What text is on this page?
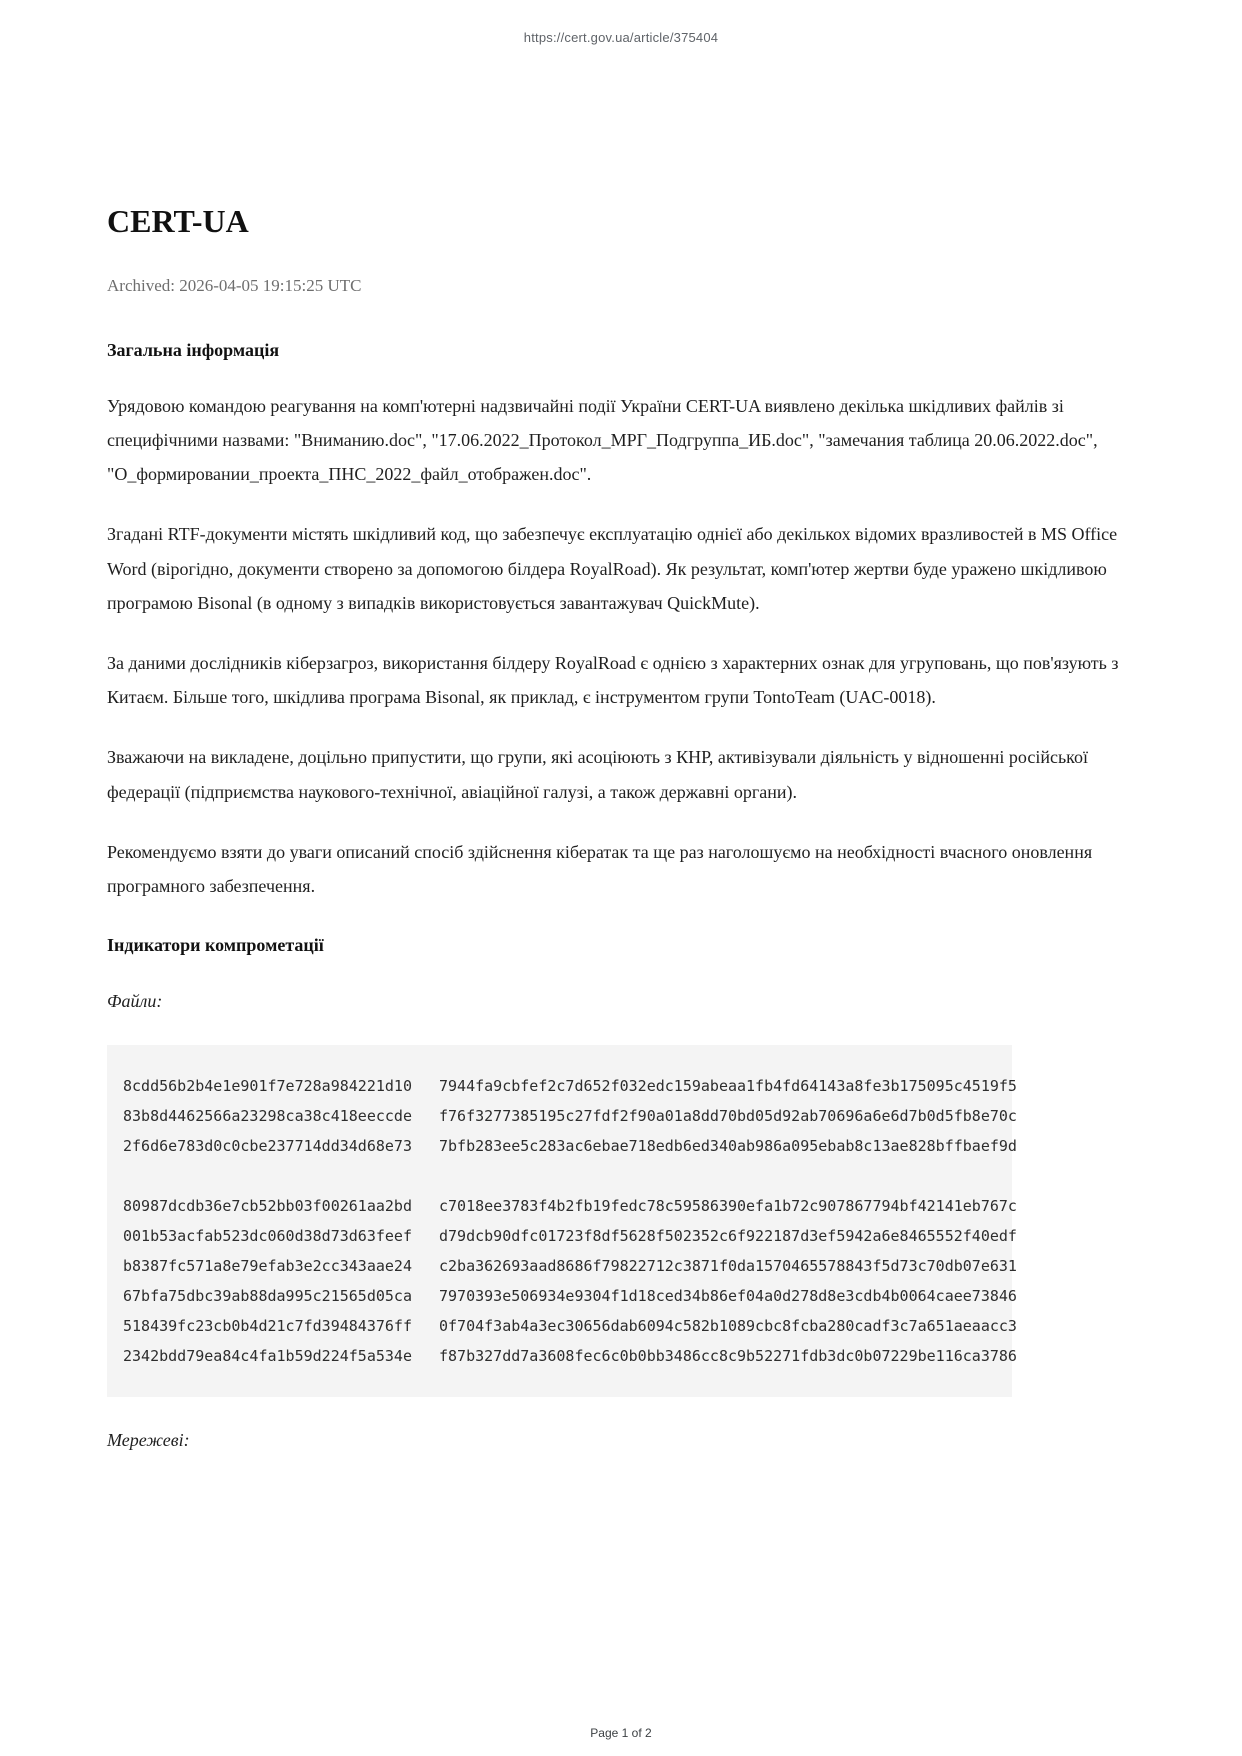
https://cert.gov.ua/article/375404
CERT-UA
Archived: 2026-04-05 19:15:25 UTC
Загальна інформація

Урядовою командою реагування на комп'ютерні надзвичайні події України CERT-UA виявлено декілька шкідливих файлів зі специфічними назвами: "Вниманию.doc", "17.06.2022_Протокол_МРГ_Подгруппа_ИБ.doc", "замечания таблица 20.06.2022.doc", "О_формировании_проекта_ПНС_2022_файл_отображен.doc".

Згадані RTF-документи містять шкідливий код, що забезпечує експлуатацію однієї або декількох відомих вразливостей в MS Office Word (вірогідно, документи створено за допомогою білдера RoyalRoad). Як результат, комп'ютер жертви буде уражено шкідливою програмою Bisonal (в одному з випадків використовується завантажувач QuickMute).

За даними дослідників кіберзагроз, використання білдеру RoyalRoad є однією з характерних ознак для угруповань, що пов'язують з Китаєм. Більше того, шкідлива програма Bisonal, як приклад, є інструментом групи TontoTeam (UAC-0018).

Зважаючи на викладене, доцільно припустити, що групи, які асоціюють з КНР, активізували діяльність у відношенні російської федерації (підприємства наукового-технічної, авіаційної галузі, а також державні органи).

Рекомендуємо взяти до уваги описаний спосіб здійснення кібератак та ще раз наголошуємо на необхідності вчасного оновлення програмного забезпечення.

Індикатори компрометації

Файли:

8cdd56b2b4e1e901f7e728a984221d10 7944fa9cbfef2c7d652f032edc159abeaa1fb4fd64143a8fe3b175095c4519f5
83b8d4462566a23298ca38c418eeccde f76f3277385195c27fdf2f90a01a8dd70bd05d92ab70696a6e6d7b0d5fb8e70c
2f6d6e783d0c0cbe237714dd34d68e73 7bfb283ee5c283ac6ebae718edb6ed340ab986a095ebab8c13ae828bffbaef9d
80987dcdb36e7cb52bb03f00261aa2bd c7018ee3783f4b2fb19fedc78c59586390efa1b72c907867794bf42141eb767c
001b53acfab523dc060d38d73d63feef d79dcb90dfc01723f8df5628f502352c6f922187d3ef5942a6e8465552f40edf
b8387fc571a8e79efab3e2cc343aae24 c2ba362693aad8686f79822712c3871f0da1570465578843f5d73c70db07e631
67bfa75dbc39ab88da995c21565d05ca 7970393e506934e9304f1d18ced34b86ef04a0d278d8e3cdb4b0064caee73846
518439fc23cb0b4d21c7fd39484376ff 0f704f3ab4a3ec30656dab6094c582b1089cbc8fcba280cadf3c7a651aeaacc3
2342bdd79ea84c4fa1b59d224f5a534e f87b327dd7a3608fec6c0b0bb3486cc8c9b52271fdb3dc0b07229be116ca3786

Мережеві:

Page 1 of 2
